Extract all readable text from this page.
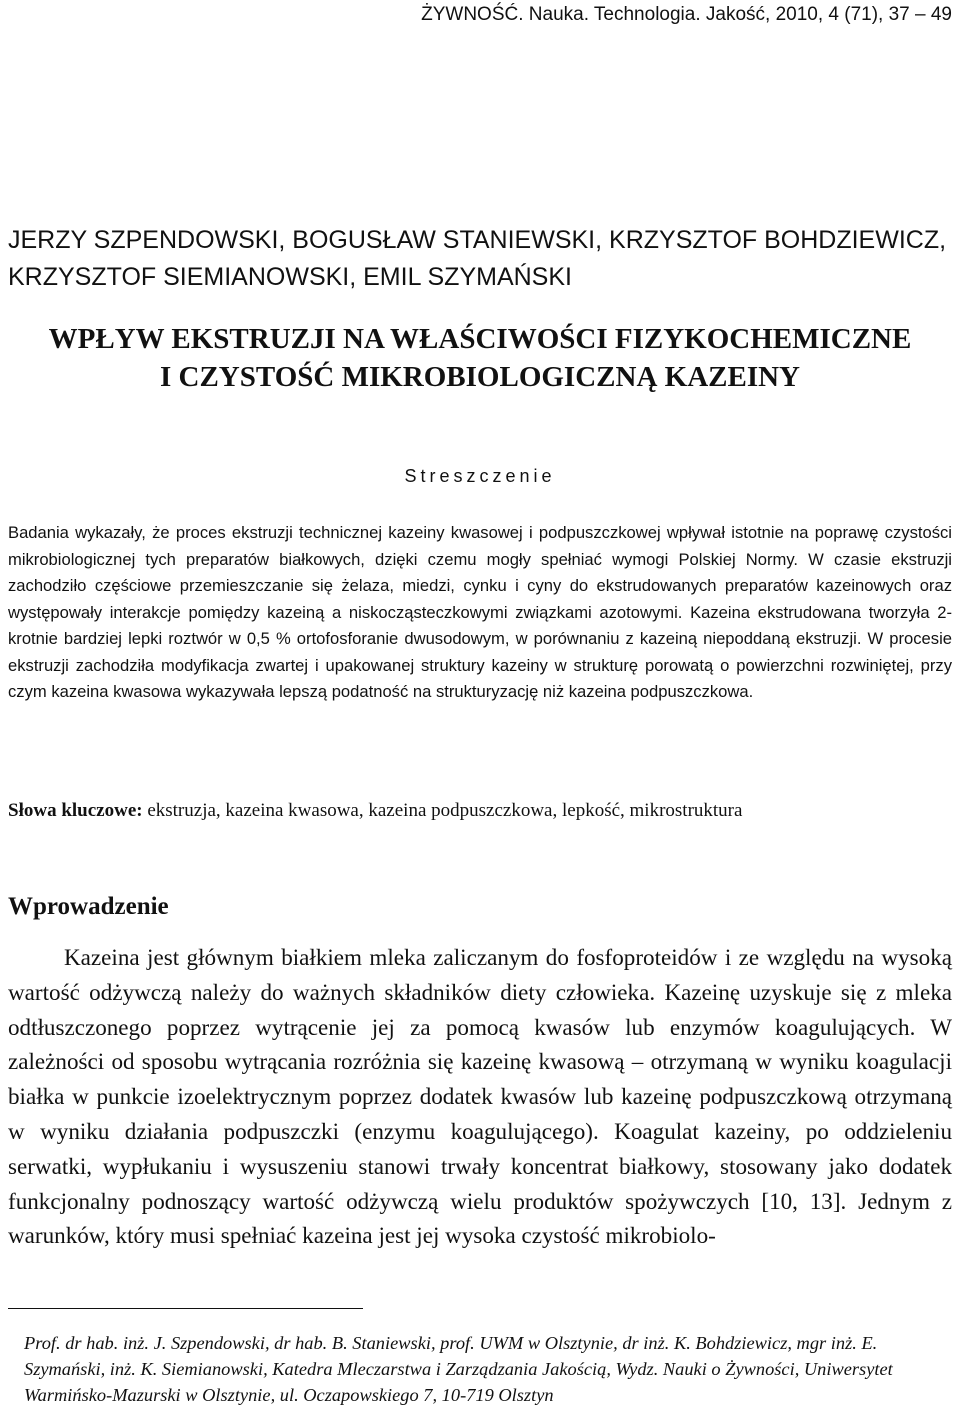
ŻYWNOŚĆ. Nauka. Technologia. Jakość, 2010, 4 (71), 37 – 49
JERZY SZPENDOWSKI, BOGUSŁAW STANIEWSKI, KRZYSZTOF BOHDZIEWICZ, KRZYSZTOF SIEMIANOWSKI, EMIL SZYMAŃSKI
WPŁYW EKSTRUZJI NA WŁAŚCIWOŚCI FIZYKOCHEMICZNE
I CZYSTOŚĆ MIKROBIOLOGICZNĄ KAZEINY
Streszczenie
Badania wykazały, że proces ekstruzji technicznej kazeiny kwasowej i podpuszczkowej wpływał istotnie na poprawę czystości mikrobiologicznej tych preparatów białkowych, dzięki czemu mogły spełniać wymogi Polskiej Normy. W czasie ekstruzji zachodziło częściowe przemieszczanie się żelaza, miedzi, cynku i cyny do ekstrudowanych preparatów kazeinowych oraz występowały interakcje pomiędzy kazeiną a niskocząsteczkowymi związkami azotowymi. Kazeina ekstrudowana tworzyła 2-krotnie bardziej lepki roztwór w 0,5 % ortofosforanie dwusodowym, w porównaniu z kazeiną niepoddaną ekstruzji. W procesie ekstruzji zachodziła modyfikacja zwartej i upakowanej struktury kazeiny w strukturę porowatą o powierzchni rozwiniętej, przy czym kazeina kwasowa wykazywała lepszą podatność na strukturyzację niż kazeina podpuszczkowa.
Słowa kluczowe: ekstruzja, kazeina kwasowa, kazeina podpuszczkowa, lepkość, mikrostruktura
Wprowadzenie
Kazeina jest głównym białkiem mleka zaliczanym do fosfoproteidów i ze względu na wysoką wartość odżywczą należy do ważnych składników diety człowieka. Kazeinę uzyskuje się z mleka odtłuszczonego poprzez wytrącenie jej za pomocą kwasów lub enzymów koagulujących. W zależności od sposobu wytrącania rozróżnia się kazeinę kwasową – otrzymaną w wyniku koagulacji białka w punkcie izoelektrycznym poprzez dodatek kwasów lub kazeinę podpuszczkową otrzymaną w wyniku działania podpuszczki (enzymu koagulującego). Koagulat kazeiny, po oddzieleniu serwatki, wypłukaniu i wysuszeniu stanowi trwały koncentrat białkowy, stosowany jako dodatek funkcjonalny podnoszący wartość odżywczą wielu produktów spożywczych [10, 13]. Jednym z warunków, który musi spełniać kazeina jest jej wysoka czystość mikrobiolo-
Prof. dr hab. inż. J. Szpendowski, dr hab. B. Staniewski, prof. UWM w Olsztynie, dr inż. K. Bohdziewicz, mgr inż. E. Szymański, inż. K. Siemianowski, Katedra Mleczarstwa i Zarządzania Jakością, Wydz. Nauki o Żywności, Uniwersytet Warmińsko-Mazurski w Olsztynie, ul. Oczapowskiego 7, 10-719 Olsztyn
